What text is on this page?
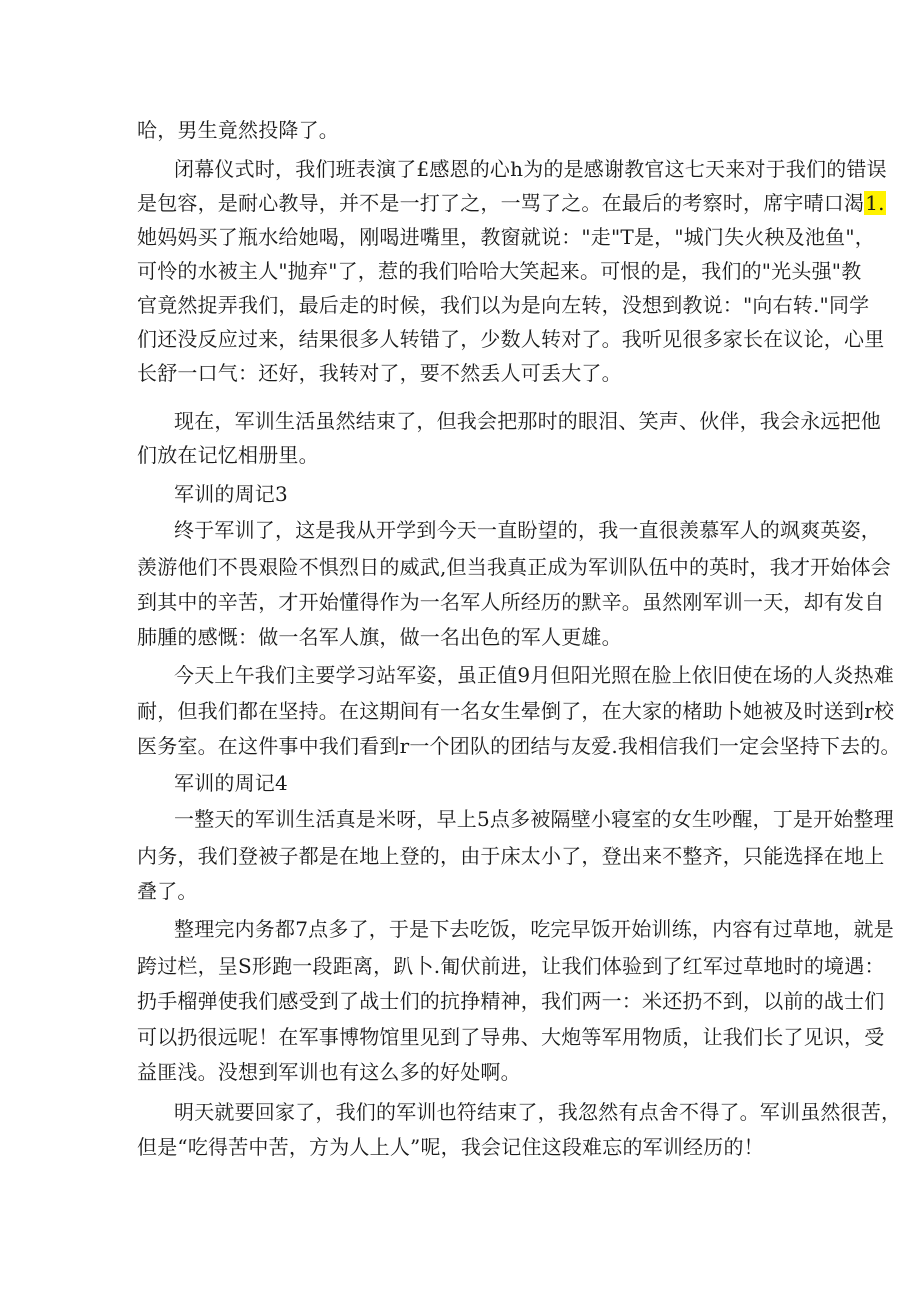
哈，男生竟然投降了。
闭幕仪式时，我们班表演了£感恩的心h为的是感谢教官这七天来对于我们的错误
是包容，是耐心教导，并不是一打了之，一骂了之。在最后的考察时，席宇晴口渴1.
她妈妈买了瓶水给她喝，刚喝进嘴里，教窗就说："走"T是，"城门失火秧及池鱼"，
可怜的水被主人"抛弃"了，惹的我们哈哈大笑起来。可恨的是，我们的"光头强"教
官竟然捉弄我们，最后走的时候，我们以为是向左转，没想到教说："向右转."同学
们还没反应过来，结果很多人转错了，少数人转对了。我听见很多家长在议论，心里
长舒一口气：还好，我转对了，要不然丢人可丢大了。
现在，军训生活虽然结束了，但我会把那时的眼泪、笑声、伙伴，我会永远把他
们放在记忆相册里。
军训的周记3
终于军训了，这是我从开学到今天一直盼望的，我一直很羡慕军人的飒爽英姿，
羡游他们不畏艰险不惧烈日的威武,但当我真正成为军训队伍中的英时，我才开始体会
到其中的辛苦，才开始懂得作为一名军人所经历的默辛。虽然刚军训一天，却有发自
肺腫的感慨：做一名军人旗，做一名出色的军人更雄。
今天上午我们主要学习站军姿，虽正值9月但阳光照在脸上依旧使在场的人炎热难
耐，但我们都在坚持。在这期间有一名女生晕倒了，在大家的楮助卜她被及时送到r校
医务室。在这件事中我们看到r一个团队的团结与友爱.我相信我们一定会坚持下去的。
军训的周记4
一整天的军训生活真是米呀，早上5点多被隔壁小寝室的女生吵醒，丁是开始整理
内务，我们登被子都是在地上登的，由于床太小了，登出来不整齐，只能选择在地上
叠了。
整理完内务都7点多了，于是下去吃饭，吃完早饭开始训练，内容有过草地，就是
跨过栏，呈S形跑一段距离，趴卜.匍伏前进，让我们体验到了红军过草地时的境遇：
扔手榴弹使我们感受到了战士们的抗挣精神，我们两一：米还扔不到，以前的战士们
可以扔很远呢！在军事博物馆里见到了导弗、大炮等军用物质，让我们长了见识，受
益匪浅。没想到军训也有这么多的好处啊。
明天就要回家了，我们的军训也符结束了，我忽然有点舍不得了。军训虽然很苦，
但是“吃得苦中苦，方为人上人”呢，我会记住这段难忘的军训经历的！
